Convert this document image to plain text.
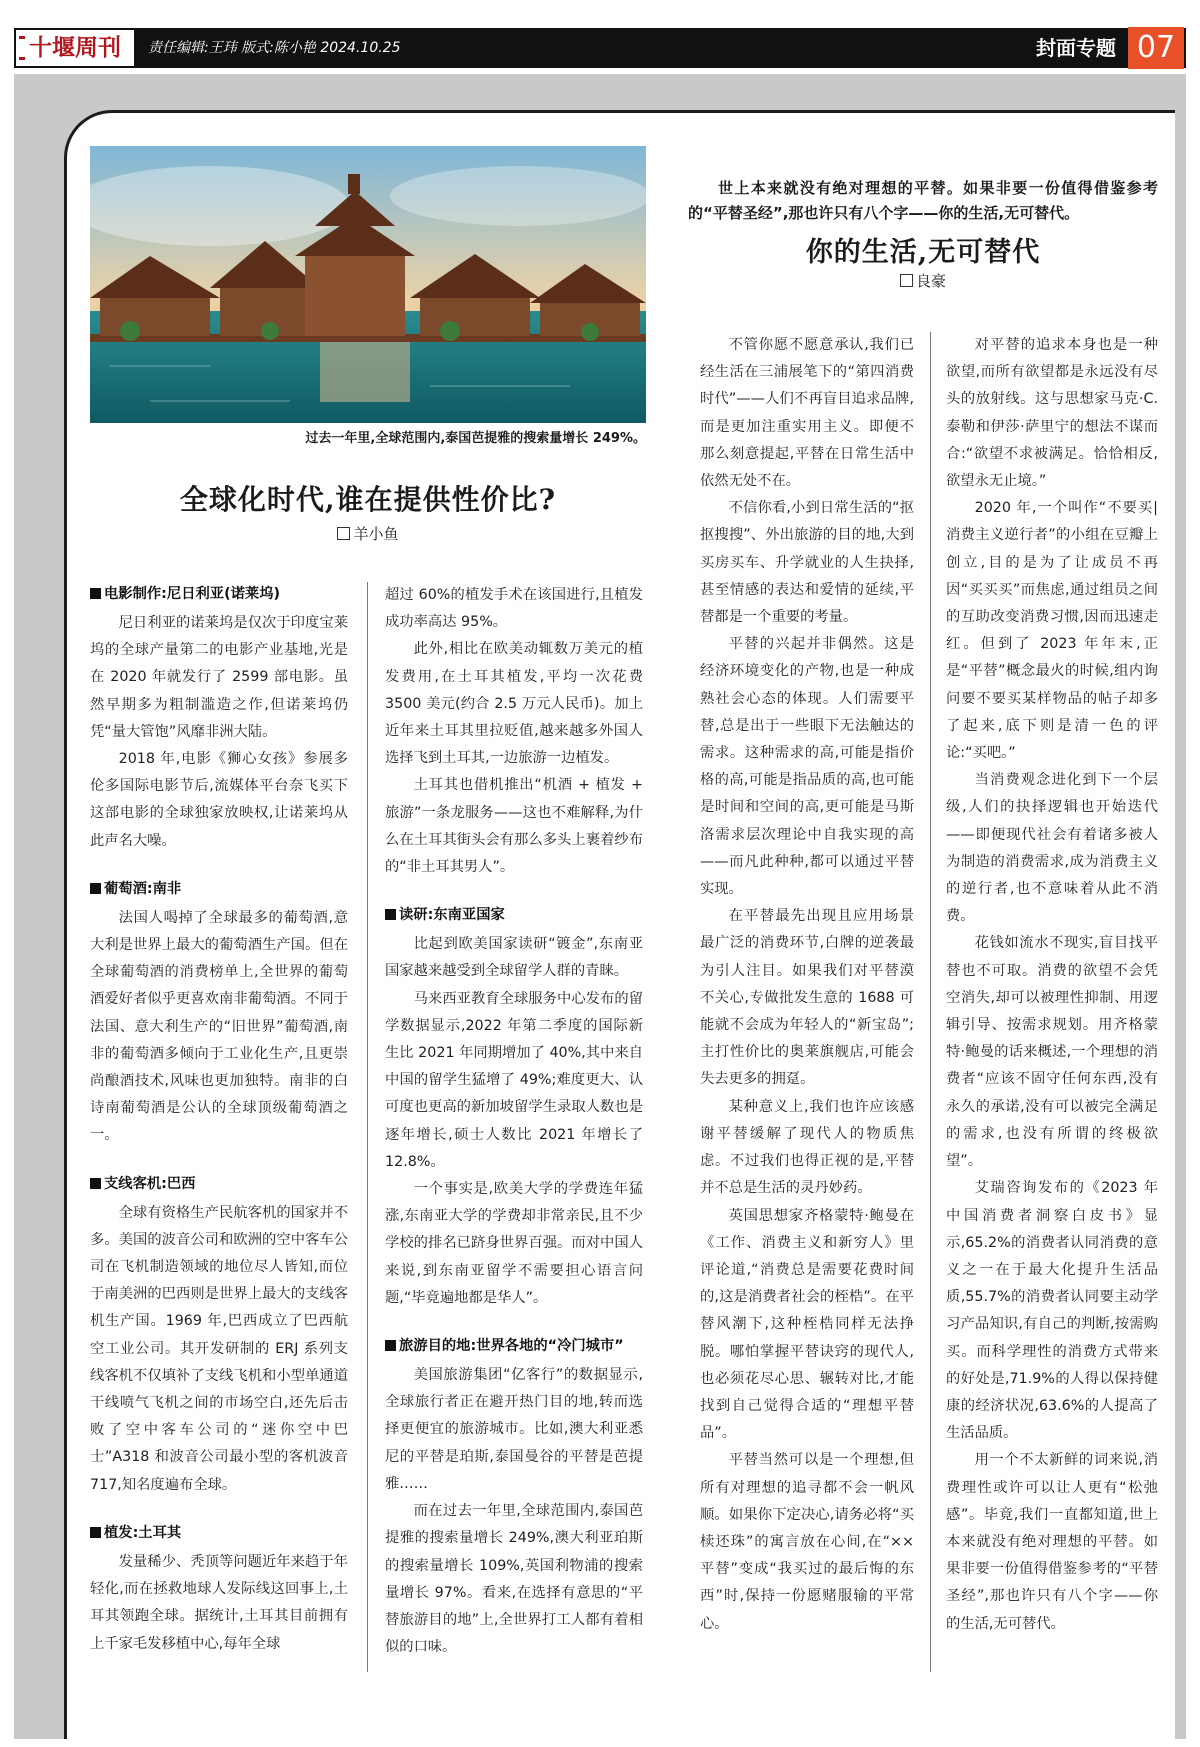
十堰周刊	责任编辑:王玮 版式:陈小艳 2024.10.25	封面专题 07
过去一年里,全球范围内,泰国芭提雅的搜索量增长 249%。
全球化时代,谁在提供性价比?
羊小鱼
世上本来就没有绝对理想的平替。如果非要一份值得借鉴参考的“平替圣经”,那也许只有八个字——你的生活,无可替代。
你的生活,无可替代
良豪
电影制作:尼日利亚(诺莱坞)

尼日利亚的诺莱坞是仅次于印度宝莱坞的全球产量第二的电影产业基地,光是在 2020 年就发行了 2599 部电影。虽然早期多为粗制滥造之作,但诺莱坞仍凭“量大管饱”风靡非洲大陆。

2018 年,电影《狮心女孩》参展多伦多国际电影节后,流媒体平台奈飞买下这部电影的全球独家放映权,让诺莱坞从此声名大噪。

葡萄酒:南非

法国人喝掉了全球最多的葡萄酒,意大利是世界上最大的葡萄酒生产国。但在全球葡萄酒的消费榜单上,全世界的葡萄酒爱好者似乎更喜欢南非葡萄酒。不同于法国、意大利生产的“旧世界”葡萄酒,南非的葡萄酒多倾向于工业化生产,且更崇尚酿酒技术,风味也更加独特。南非的白诗南葡萄酒是公认的全球顶级葡萄酒之一。

支线客机:巴西

全球有资格生产民航客机的国家并不多。美国的波音公司和欧洲的空中客车公司在飞机制造领域的地位尽人皆知,而位于南美洲的巴西则是世界上最大的支线客机生产国。1969 年,巴西成立了巴西航空工业公司。其开发研制的 ERJ 系列支线客机不仅填补了支线飞机和小型单通道干线喷气飞机之间的市场空白,还先后击败了空中客车公司的“迷你空中巴士”A318 和波音公司最小型的客机波音 717,知名度遍布全球。

植发:土耳其

发量稀少、秃顶等问题近年来趋于年轻化,而在拯救地球人发际线这回事上,土耳其领跑全球。据统计,土耳其目前拥有上千家毛发移植中心,每年全球

超过 60%的植发手术在该国进行,且植发成功率高达 95%。

此外,相比在欧美动辄数万美元的植发费用,在土耳其植发,平均一次花费 3500 美元(约合 2.5 万元人民币)。加上近年来土耳其里拉贬值,越来越多外国人选择飞到土耳其,一边旅游一边植发。

土耳其也借机推出“机酒 + 植发 + 旅游”一条龙服务——这也不难解释,为什么在土耳其街头会有那么多头上裹着纱布的“非土耳其男人”。

读研:东南亚国家

比起到欧美国家读研“镀金”,东南亚国家越来越受到全球留学人群的青睐。

马来西亚教育全球服务中心发布的留学数据显示,2022 年第二季度的国际新生比 2021 年同期增加了 40%,其中来自中国的留学生猛增了 49%;难度更大、认可度也更高的新加坡留学生录取人数也是逐年增长,硕士人数比 2021 年增长了 12.8%。

一个事实是,欧美大学的学费连年猛涨,东南亚大学的学费却非常亲民,且不少学校的排名已跻身世界百强。而对中国人来说,到东南亚留学不需要担心语言问题,“毕竟遍地都是华人”。

旅游目的地:世界各地的“冷门城市”

美国旅游集团“亿客行”的数据显示,全球旅行者正在避开热门目的地,转而选择更便宜的旅游城市。比如,澳大利亚悉尼的平替是珀斯,泰国曼谷的平替是芭提雅……

而在过去一年里,全球范围内,泰国芭提雅的搜索量增长 249%,澳大利亚珀斯的搜索量增长 109%,英国利物浦的搜索量增长 97%。看来,在选择有意思的“平替旅游目的地”上,全世界打工人都有着相似的口味。

不管你愿不愿意承认,我们已经生活在三浦展笔下的“第四消费时代”——人们不再盲目追求品牌,而是更加注重实用主义。即便不那么刻意提起,平替在日常生活中依然无处不在。

不信你看,小到日常生活的“抠抠搜搜”、外出旅游的目的地,大到买房买车、升学就业的人生抉择,甚至情感的表达和爱情的延续,平替都是一个重要的考量。

平替的兴起并非偶然。这是经济环境变化的产物,也是一种成熟社会心态的体现。人们需要平替,总是出于一些眼下无法触达的需求。这种需求的高,可能是指价格的高,可能是指品质的高,也可能是时间和空间的高,更可能是马斯洛需求层次理论中自我实现的高——而凡此种种,都可以通过平替实现。

在平替最先出现且应用场景最广泛的消费环节,白牌的逆袭最为引人注目。如果我们对平替漠不关心,专做批发生意的 1688 可能就不会成为年轻人的“新宝岛”;主打性价比的奥莱旗舰店,可能会失去更多的拥趸。

某种意义上,我们也许应该感谢平替缓解了现代人的物质焦虑。不过我们也得正视的是,平替并不总是生活的灵丹妙药。

英国思想家齐格蒙特·鲍曼在《工作、消费主义和新穷人》里评论道,“消费总是需要花费时间的,这是消费者社会的桎梏”。在平替风潮下,这种桎梏同样无法挣脱。哪怕掌握平替诀窍的现代人,也必须花尽心思、辗转对比,才能找到自己觉得合适的“理想平替品”。

平替当然可以是一个理想,但所有对理想的追寻都不会一帆风顺。如果你下定决心,请务必将“买椟还珠”的寓言放在心间,在“××平替”变成“我买过的最后悔的东西”时,保持一份愿赌服输的平常心。

对平替的追求本身也是一种欲望,而所有欲望都是永远没有尽头的放射线。这与思想家马克·C. 泰勒和伊莎·萨里宁的想法不谋而合:“欲望不求被满足。恰恰相反,欲望永无止境。”

2020 年,一个叫作“不要买|消费主义逆行者”的小组在豆瓣上创立,目的是为了让成员不再因“买买买”而焦虑,通过组员之间的互助改变消费习惯,因而迅速走红。但到了 2023 年年末,正是“平替”概念最火的时候,组内询问要不要买某样物品的帖子却多了起来,底下则是清一色的评论:“买吧。”

当消费观念进化到下一个层级,人们的抉择逻辑也开始迭代——即便现代社会有着诸多被人为制造的消费需求,成为消费主义的逆行者,也不意味着从此不消费。

花钱如流水不现实,盲目找平替也不可取。消费的欲望不会凭空消失,却可以被理性抑制、用逻辑引导、按需求规划。用齐格蒙特·鲍曼的话来概述,一个理想的消费者“应该不固守任何东西,没有永久的承诺,没有可以被完全满足的需求,也没有所谓的终极欲望”。

艾瑞咨询发布的《2023 年中国消费者洞察白皮书》显示,65.2%的消费者认同消费的意义之一在于最大化提升生活品质,55.7%的消费者认同要主动学习产品知识,有自己的判断,按需购买。而科学理性的消费方式带来的好处是,71.9%的人得以保持健康的经济状况,63.6%的人提高了生活品质。

用一个不太新鲜的词来说,消费理性或许可以让人更有“松弛感”。毕竟,我们一直都知道,世上本来就没有绝对理想的平替。如果非要一份值得借鉴参考的“平替圣经”,那也许只有八个字——你的生活,无可替代。
